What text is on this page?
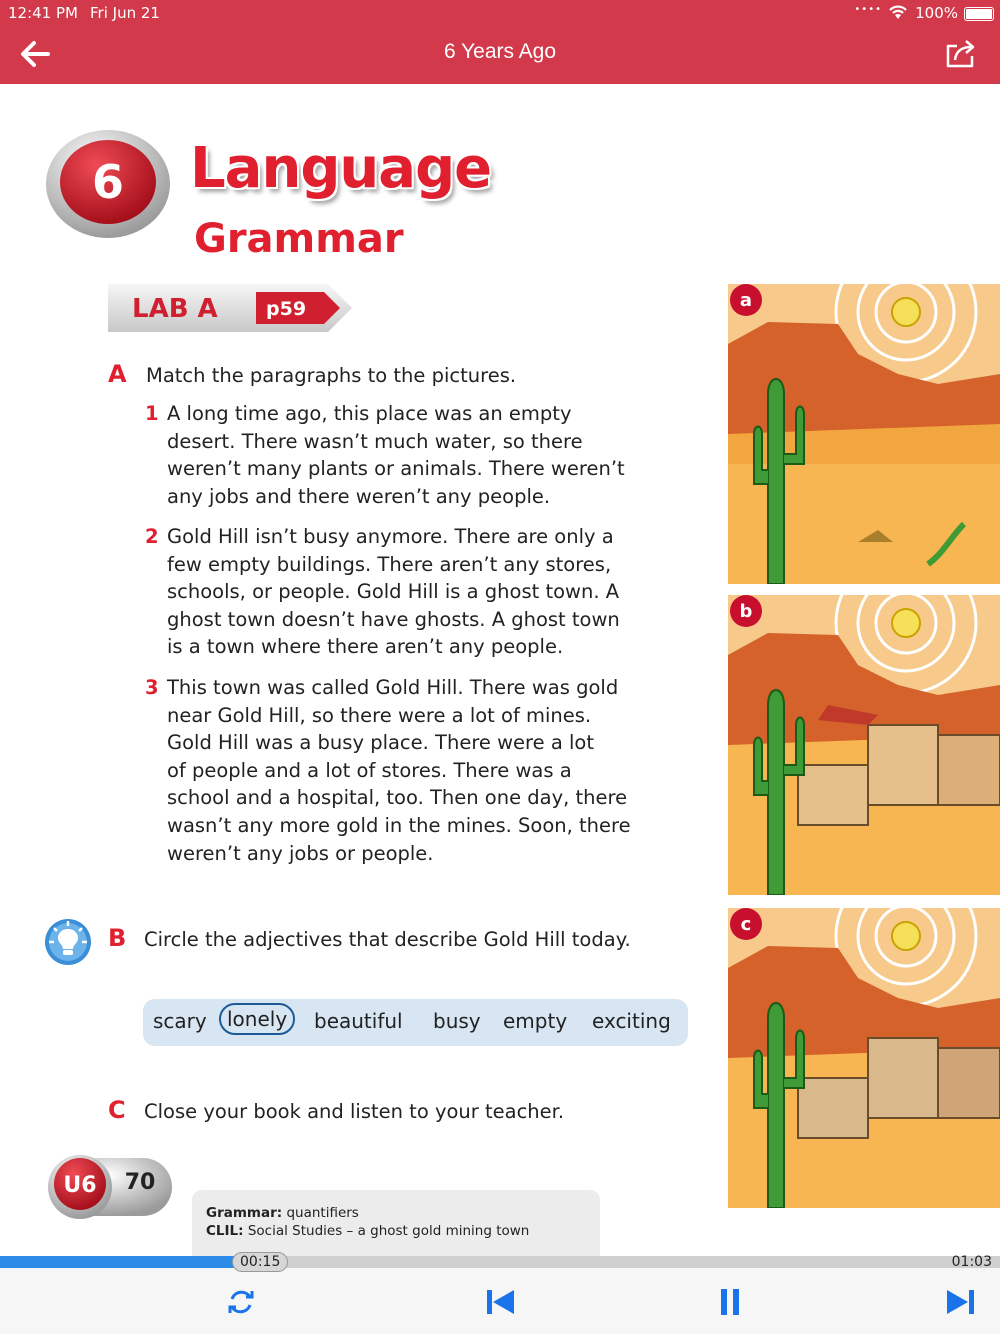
12:41 PM Fri Jun 21	•••• 100%
6 Years Ago
6 Language
Grammar
LAB A	p59
A Match the paragraphs to the pictures.
1 A long time ago, this place was an empty
desert. There wasn’t much water, so there
weren’t many plants or animals. There weren’t
any jobs and there weren’t any people.
2 Gold Hill isn’t busy anymore. There are only a
few empty buildings. There aren’t any stores,
schools, or people. Gold Hill is a ghost town. A
ghost town doesn’t have ghosts. A ghost town
is a town where there aren’t any people.
3 This town was called Gold Hill. There was gold
near Gold Hill, so there were a lot of mines.
Gold Hill was a busy place. There were a lot
of people and a lot of stores. There was a
school and a hospital, too. Then one day, there
wasn’t any more gold in the mines. Soon, there
weren’t any jobs or people.
B Circle the adjectives that describe Gold Hill today.
scary	lonely	beautiful busy empty exciting
C Close your book and listen to your teacher.
U6 70
Grammar: quantifiers
CLIL: Social Studies – a ghost gold mining town
a
b
c
00:15	01:03
